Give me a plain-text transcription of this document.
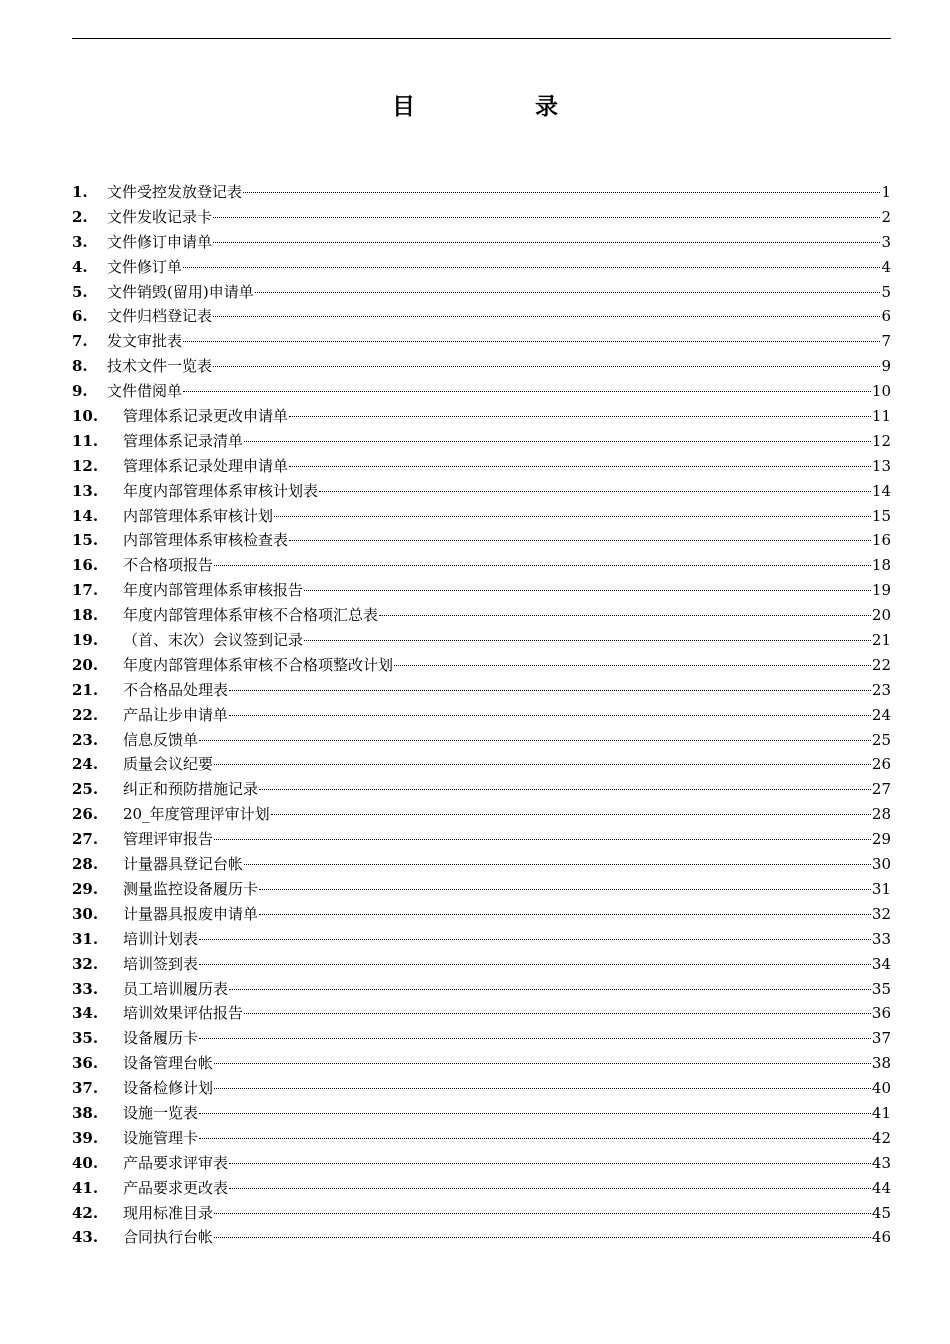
目 录
1.	文件受控发放登记表	1
2.	文件发收记录卡	2
3.	文件修订申请单	3
4.	文件修订单	4
5.	文件销毁(留用)申请单	5
6.	文件归档登记表	6
7.	发文审批表	7
8.	技术文件一览表	9
9.	文件借阅单	10
10.	管理体系记录更改申请单	11
11.	管理体系记录清单	12
12.	管理体系记录处理申请单	13
13.	年度内部管理体系审核计划表	14
14.	内部管理体系审核计划	15
15.	内部管理体系审核检查表	16
16.	不合格项报告	18
17.	年度内部管理体系审核报告	19
18.	年度内部管理体系审核不合格项汇总表	20
19.	（首、末次）会议签到记录	21
20.	年度内部管理体系审核不合格项整改计划	22
21.	不合格品处理表	23
22.	产品让步申请单	24
23.	信息反馈单	25
24.	质量会议纪要	26
25.	纠正和预防措施记录	27
26.	20_年度管理评审计划	28
27.	管理评审报告	29
28.	计量器具登记台帐	30
29.	测量监控设备履历卡	31
30.	计量器具报废申请单	32
31.	培训计划表	33
32.	培训签到表	34
33.	员工培训履历表	35
34.	培训效果评估报告	36
35.	设备履历卡	37
36.	设备管理台帐	38
37.	设备检修计划	40
38.	设施一览表	41
39.	设施管理卡	42
40.	产品要求评审表	43
41.	产品要求更改表	44
42.	现用标准目录	45
43.	合同执行台帐	46
